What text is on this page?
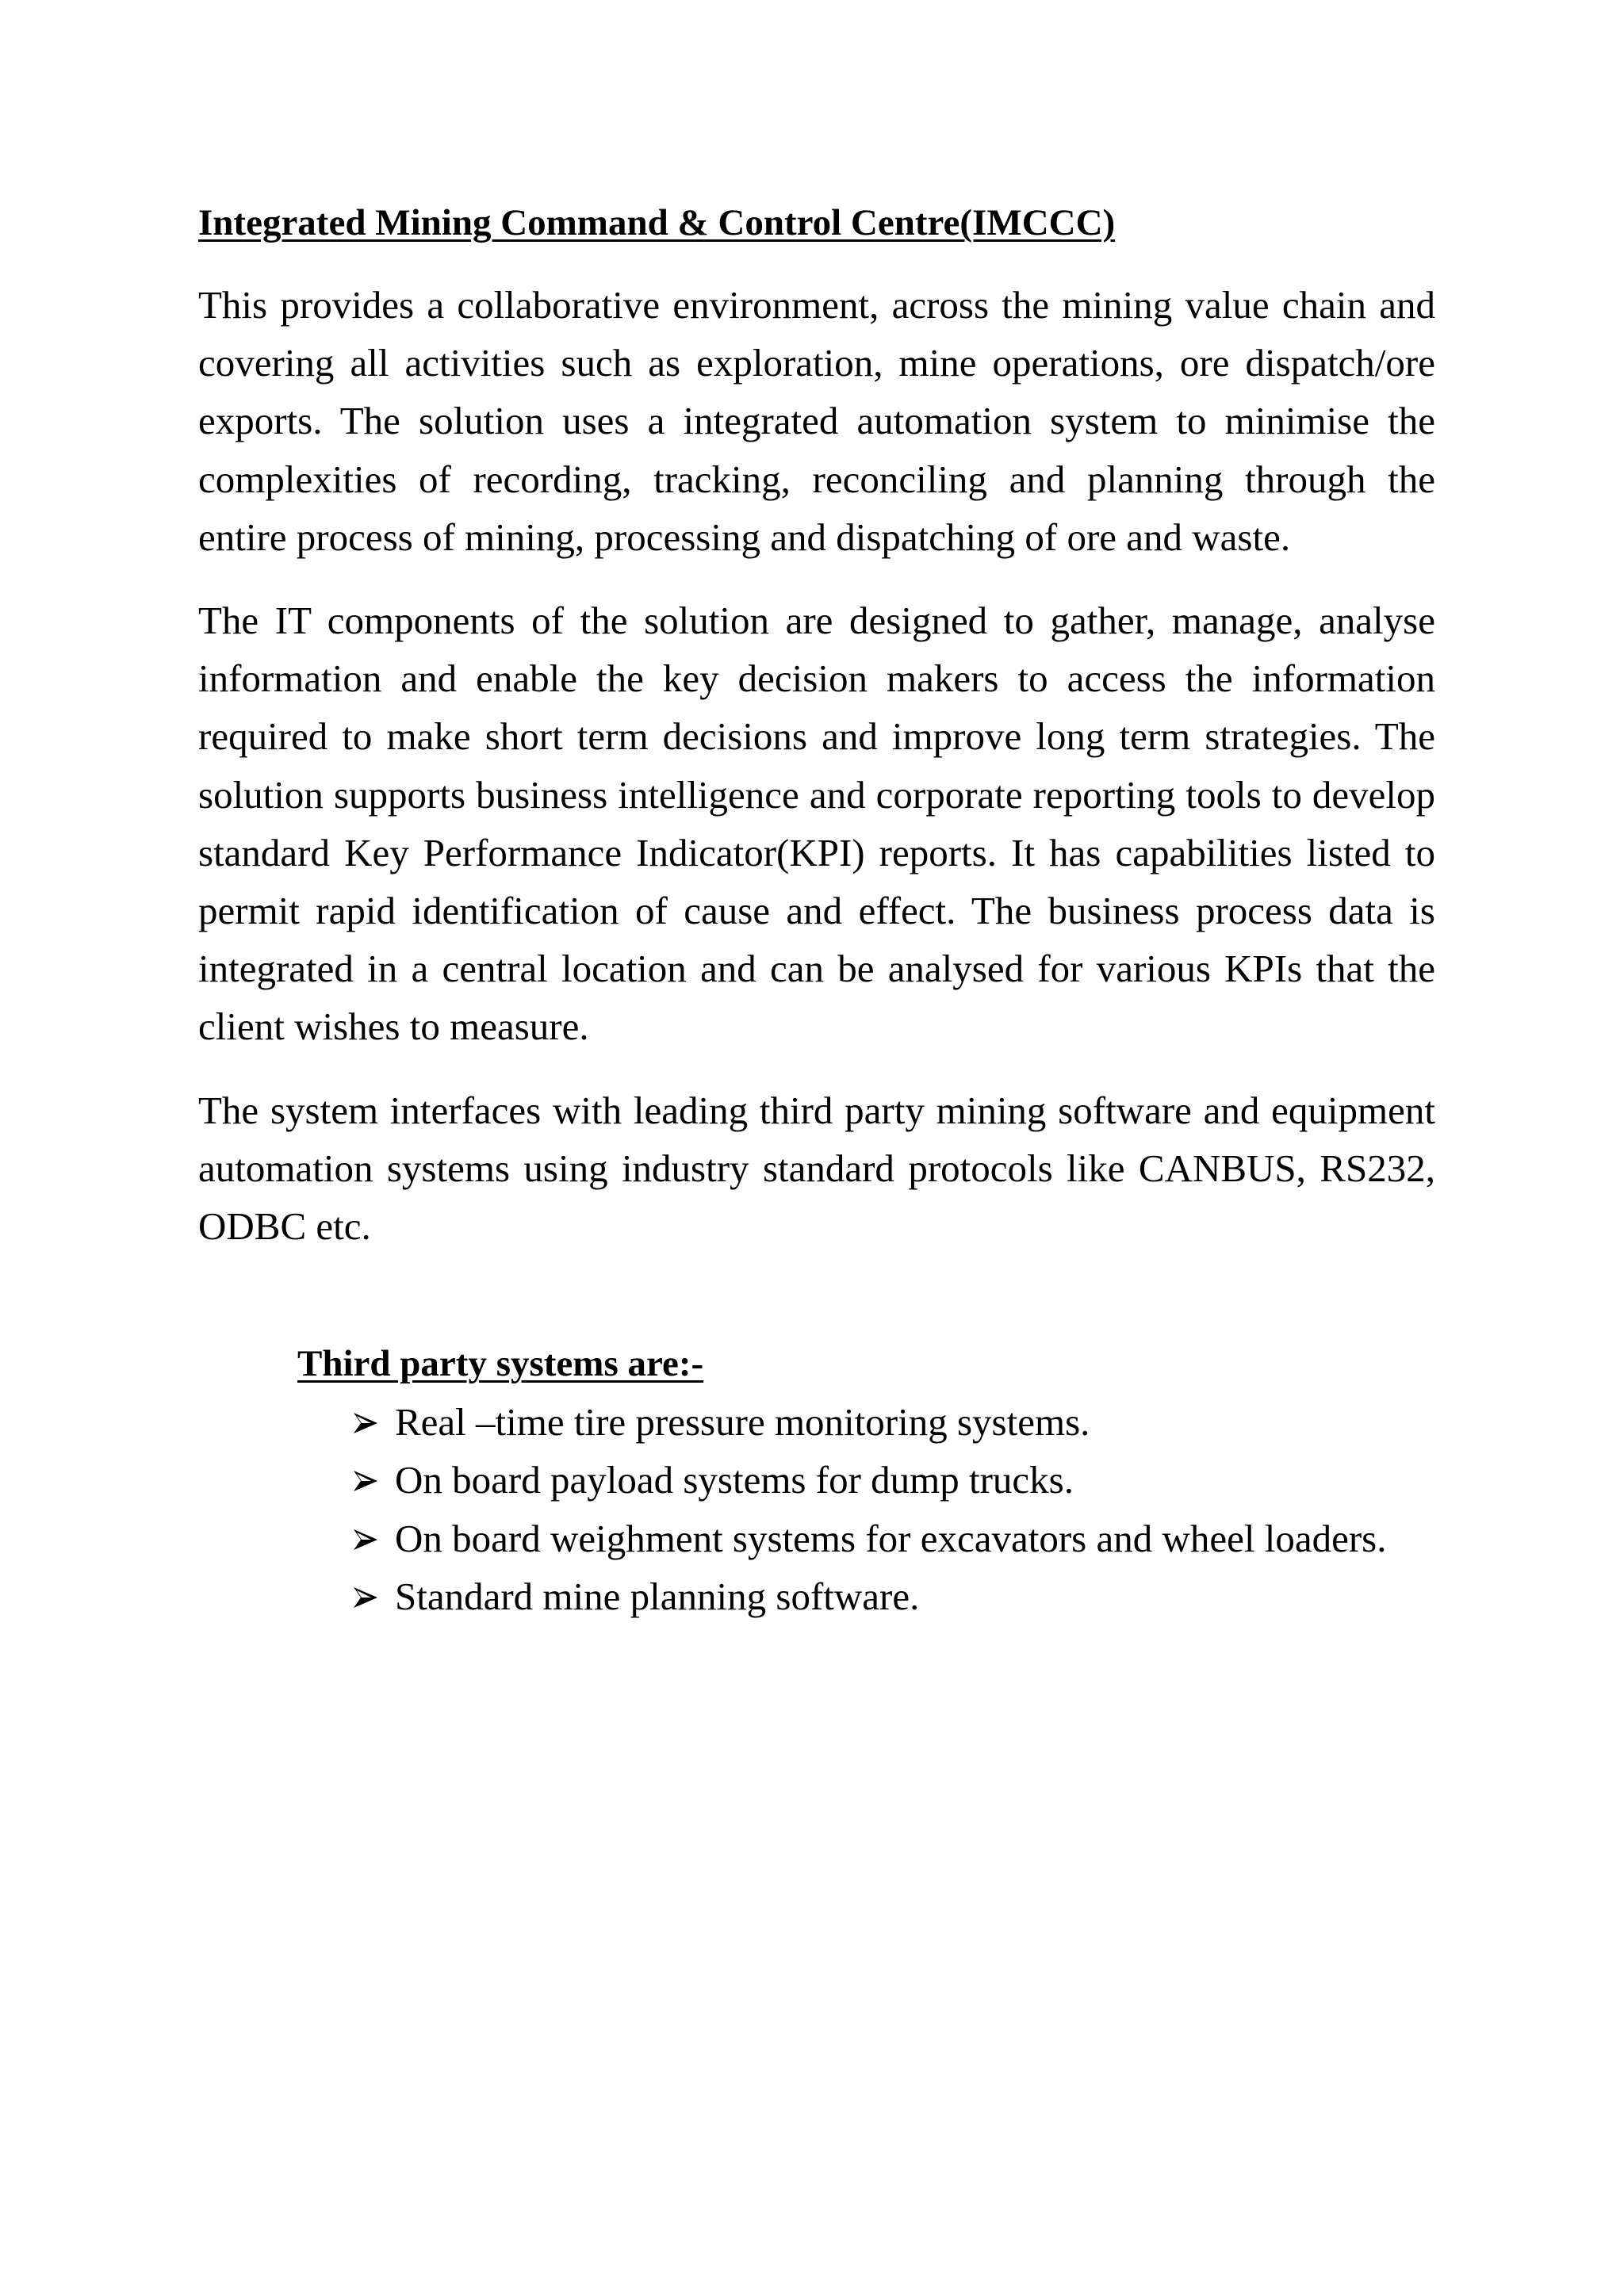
Integrated Mining Command & Control Centre(IMCCC)

This provides a collaborative environment, across the mining value chain and covering all activities such as exploration, mine operations, ore dispatch/ore exports. The solution uses a integrated automation system to minimise the complexities of recording, tracking, reconciling and planning through the entire process of mining, processing and dispatching of ore and waste.

The IT components of the solution are designed to gather, manage, analyse information and enable the key decision makers to access the information required to make short term decisions and improve long term strategies. The solution supports business intelligence and corporate reporting tools to develop standard Key Performance Indicator(KPI) reports. It has capabilities listed to permit rapid identification of cause and effect. The business process data is integrated in a central location and can be analysed for various KPIs that the client wishes to measure.

The system interfaces with leading third party mining software and equipment automation systems using industry standard protocols like CANBUS, RS232, ODBC etc.

Third party systems are:-
Real –time tire pressure monitoring systems.
On board payload systems for dump trucks.
On board weighment systems for excavators and wheel loaders.
Standard mine planning software.
